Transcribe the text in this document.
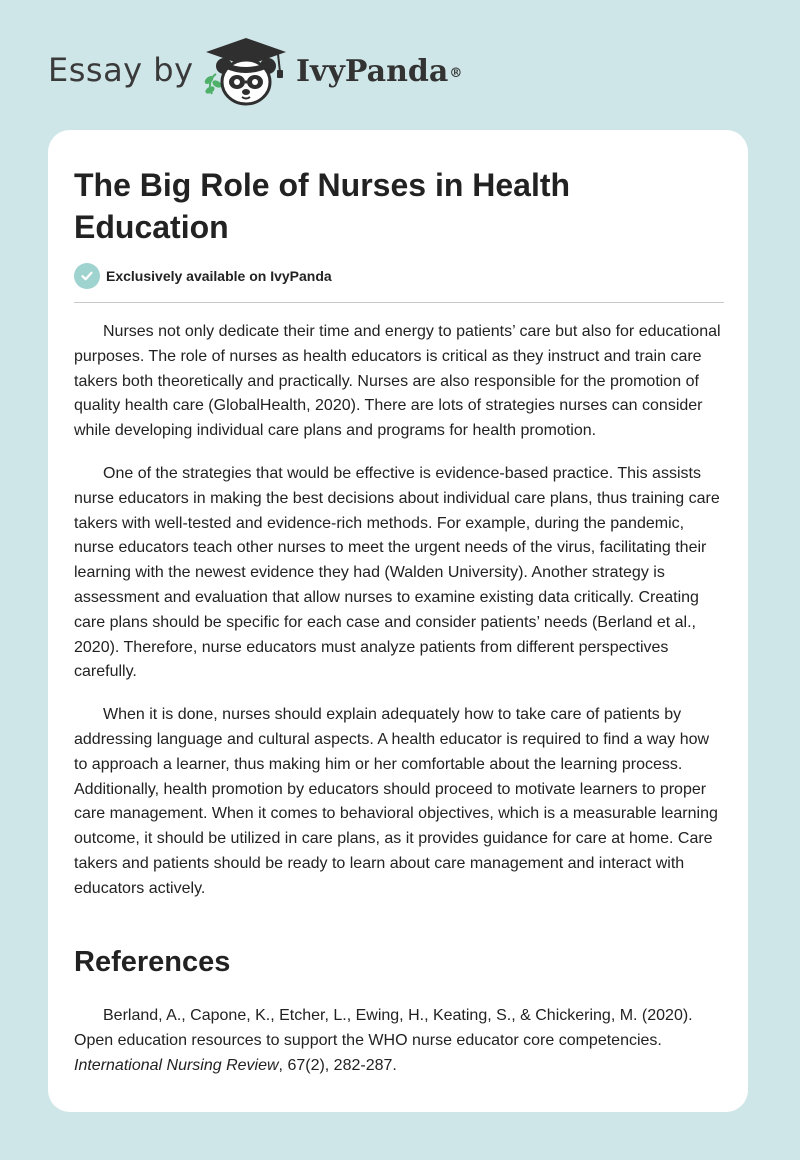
Essay by	IvyPanda®
The Big Role of Nurses in Health Education
Exclusively available on IvyPanda

Nurses not only dedicate their time and energy to patients’ care but also for educational purposes. The role of nurses as health educators is critical as they instruct and train care takers both theoretically and practically. Nurses are also responsible for the promotion of quality health care (GlobalHealth, 2020). There are lots of strategies nurses can consider while developing individual care plans and programs for health promotion.

One of the strategies that would be effective is evidence-based practice. This assists nurse educators in making the best decisions about individual care plans, thus training care takers with well-tested and evidence-rich methods. For example, during the pandemic, nurse educators teach other nurses to meet the urgent needs of the virus, facilitating their learning with the newest evidence they had (Walden University). Another strategy is assessment and evaluation that allow nurses to examine existing data critically. Creating care plans should be specific for each case and consider patients’ needs (Berland et al., 2020). Therefore, nurse educators must analyze patients from different perspectives carefully.

When it is done, nurses should explain adequately how to take care of patients by addressing language and cultural aspects. A health educator is required to find a way how to approach a learner, thus making him or her comfortable about the learning process. Additionally, health promotion by educators should proceed to motivate learners to proper care management. When it comes to behavioral objectives, which is a measurable learning outcome, it should be utilized in care plans, as it provides guidance for care at home. Care takers and patients should be ready to learn about care management and interact with educators actively.

References

Berland, A., Capone, K., Etcher, L., Ewing, H., Keating, S., & Chickering, M. (2020). Open education resources to support the WHO nurse educator core competencies. International Nursing Review, 67(2), 282-287.
